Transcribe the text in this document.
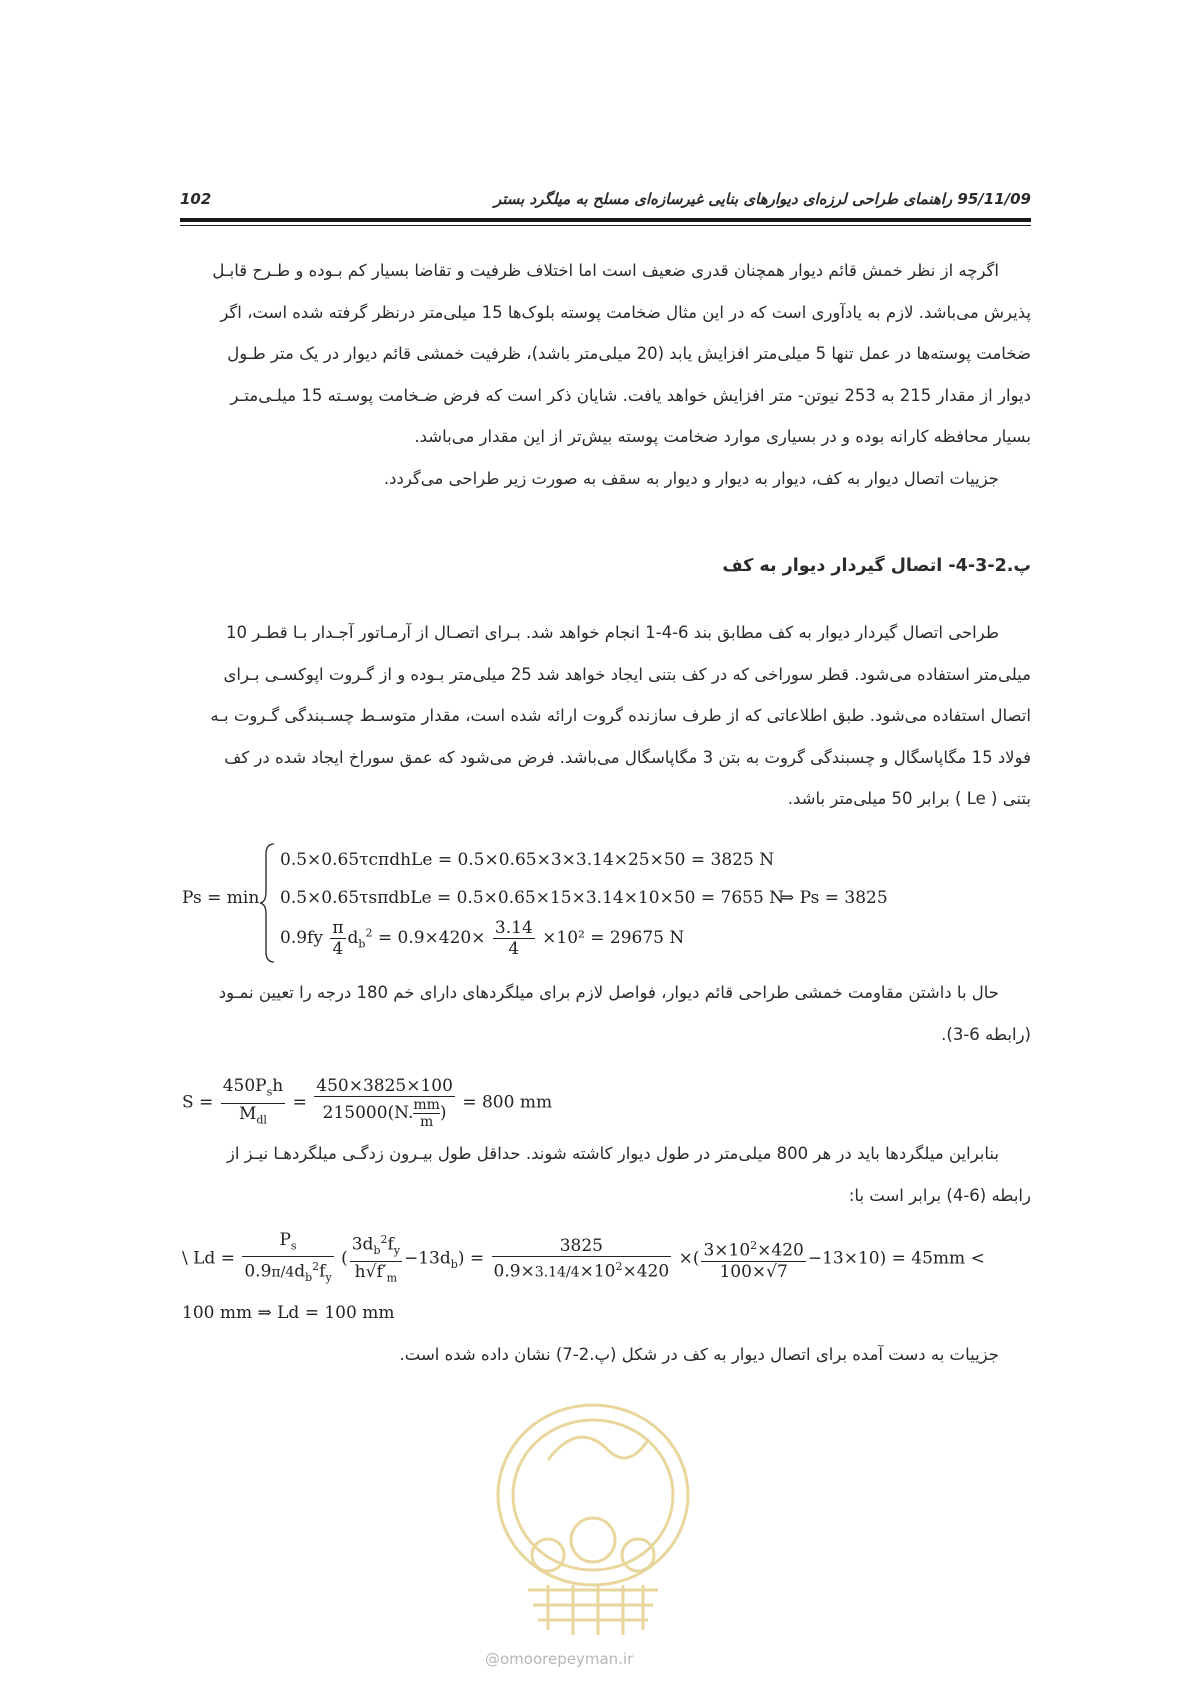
102	95/11/09 راهنمای طراحی لرزه‌ای دیوارهای بنایی غیرسازه‌ای مسلح به میلگرد بستر
اگرچه از نظر خمش قائم دیوار همچنان قدری ضعیف است اما اختلاف ظرفیت و تقاضا بسیار کم بـوده و طـرح قابـل
پذیرش می‌باشد. لازم به یادآوری است که در این مثال ضخامت پوسته بلوک‌ها 15 میلی‌متر درنظر گرفته شده است، اگر
ضخامت پوسته‌ها در عمل تنها 5 میلی‌متر افزایش یابد (20 میلی‌متر باشد)، ظرفیت خمشی قائم دیوار در یک متر طـول
دیوار از مقدار 215 به 253 نیوتن- متر افزایش خواهد یافت. شایان ذکر است که فرض ضـخامت پوسـته 15 میلـی‌متـر
بسیار محافظه کارانه بوده و در بسیاری موارد ضخامت پوسته بیش‌تر از این مقدار می‌باشد.
جزییات اتصال دیوار به کف، دیوار به دیوار و دیوار به سقف به صورت زیر طراحی می‌گردد.
پ.2-3-4- اتصال گیردار دیوار به کف
طراحی اتصال گیردار دیوار به کف مطابق بند 6-4-1 انجام خواهد شد. بـرای اتصـال از آرمـاتور آجـدار بـا قطـر 10
میلی‌متر استفاده می‌شود. قطر سوراخی که در کف بتنی ایجاد خواهد شد 25 میلی‌متر بـوده و از گـروت اپوکسـی بـرای
اتصال استفاده می‌شود. طبق اطلاعاتی که از طرف سازنده گروت ارائه شده است، مقدار متوسـط چسـبندگی گـروت بـه
فولاد 15 مگاپاسگال و چسبندگی گروت به بتن 3 مگاپاسگال می‌باشد. فرض می‌شود که عمق سوراخ ایجاد شده در کف
بتنی ( Le ) برابر 50 میلی‌متر باشد.
Ps = min
0.5×0.65τcπdhLe = 0.5×0.65×3×3.14×25×50 = 3825 N
0.5×0.65τsπdbLe = 0.5×0.65×15×3.14×10×50 = 7655 N
$0.9fy \frac{\pi}{4} d_b^2 = 0.9\times 420\times \frac{3.14}{4} \times 10^2 = 29675$ N
⇒ Ps = 3825
حال با داشتن مقاومت خمشی طراحی قائم دیوار، فواصل لازم برای میلگردهای دارای خم 180 درجه را تعیین نمـود
(رابطه 6-3).
$S = \frac{450P_sh}{M_{dl}} = \frac{450\times 3825\times 100}{215000(N. \frac{mm}{m} )} = 800$ mm
بنابراین میلگردها باید در هر 800 میلی‌متر در طول دیوار کاشته شوند. حداقل طول بیـرون زدگـی میلگردهـا نیـز از
رابطه (6-4) برابر است با:
\ $Ld = \frac{P_s}{0.9\pi/4d_b^2f_y}$ ( $\frac{3d_b^2f_y}{h√f'_m} -13d_b) = \frac{3825}{0.9\times 3.14/4\times 10^2\times 420}$ ×( $\frac{3\times 10^2\times 420}{100\times√7} -13\times 10) = 45mm$ <
100 mm ⇒ Ld = 100 mm
جزییات به دست آمده برای اتصال دیوار به کف در شکل (پ.2-7) نشان داده شده است.
@omoorepeyman.ir
